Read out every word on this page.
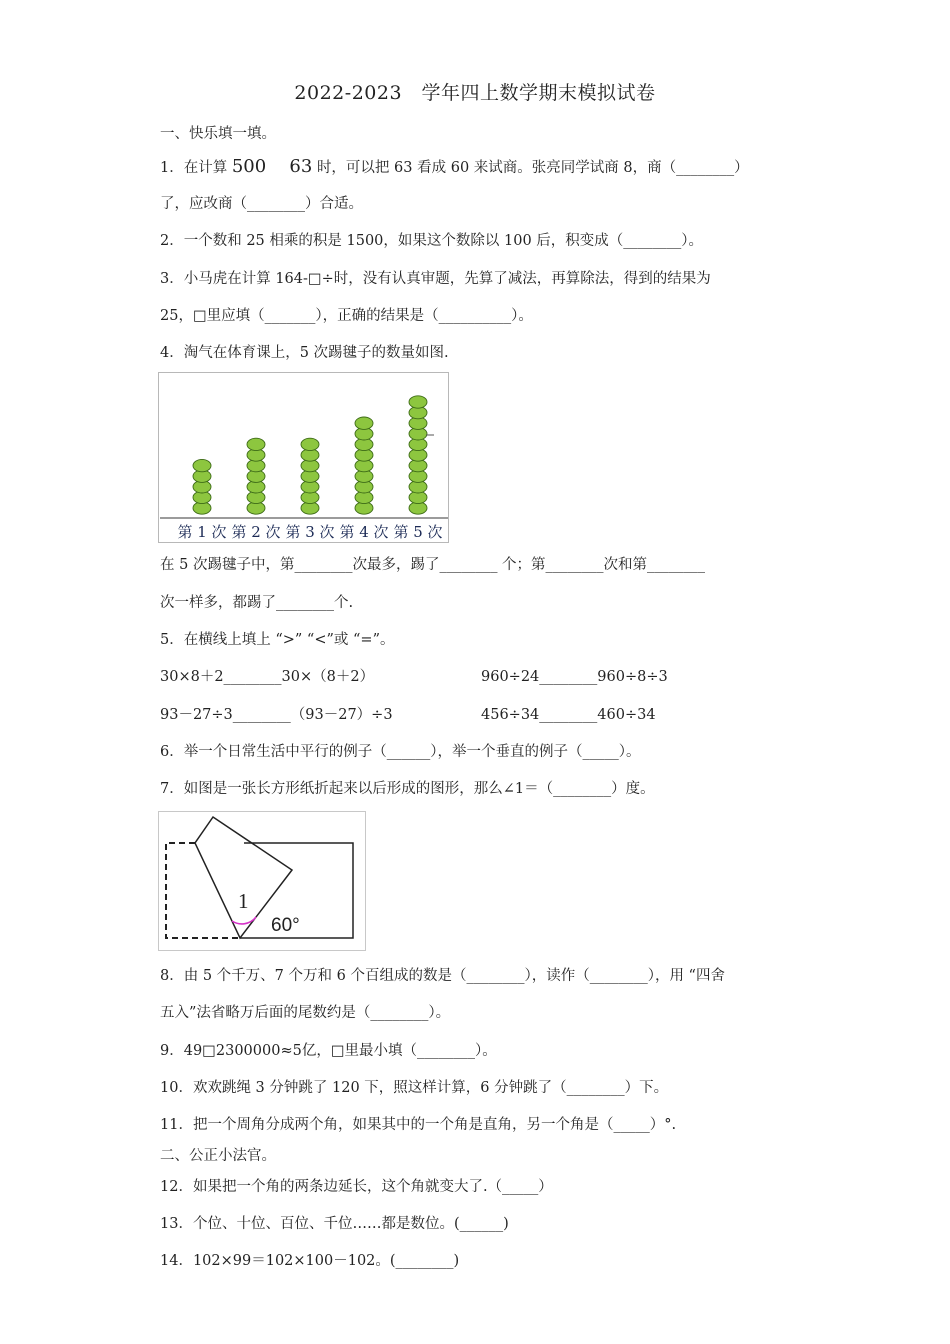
2022-2023　学年四上数学期末模拟试卷
一、快乐填一填。
1．在计算 500 63 时，可以把 63 看成 60 来试商。张亮同学试商 8，商（________）
了，应改商（________）合适。
2．一个数和 25 相乘的积是 1500，如果这个数除以 100 后，积变成（________）。
3．小马虎在计算 164-□÷时，没有认真审题，先算了减法，再算除法，得到的结果为
25，□里应填（_______），正确的结果是（__________）。
4．淘气在体育课上，5 次踢毽子的数量如图.
第 1 次 第 2 次 第 3 次 第 4 次 第 5 次
在 5 次踢毽子中，第________次最多，踢了________ 个；第________次和第________
次一样多，都踢了________个.
5．在横线上填上 “>” “<”或 “=”。
30×8＋2________30×（8＋2）	960÷24________960÷8÷3
93－27÷3________（93－27）÷3	456÷34________460÷34
6．举一个日常生活中平行的例子（______），举一个垂直的例子（_____）。
7．如图是一张长方形纸折起来以后形成的图形，那么∠1＝（________）度。
1
60°
8．由 5 个千万、7 个万和 6 个百组成的数是（________），读作（________），用 “四舍
五入”法省略万后面的尾数约是（________）。
9．49□2300000≈5亿，□里最小填（________）。
10．欢欢跳绳 3 分钟跳了 120 下，照这样计算，6 分钟跳了（________）下。
11．把一个周角分成两个角，如果其中的一个角是直角，另一个角是（_____）°.
二、公正小法官。
12．如果把一个角的两条边延长，这个角就变大了.（_____）
13．个位、十位、百位、千位……都是数位。(______)
14．102×99＝102×100－102。(________)
